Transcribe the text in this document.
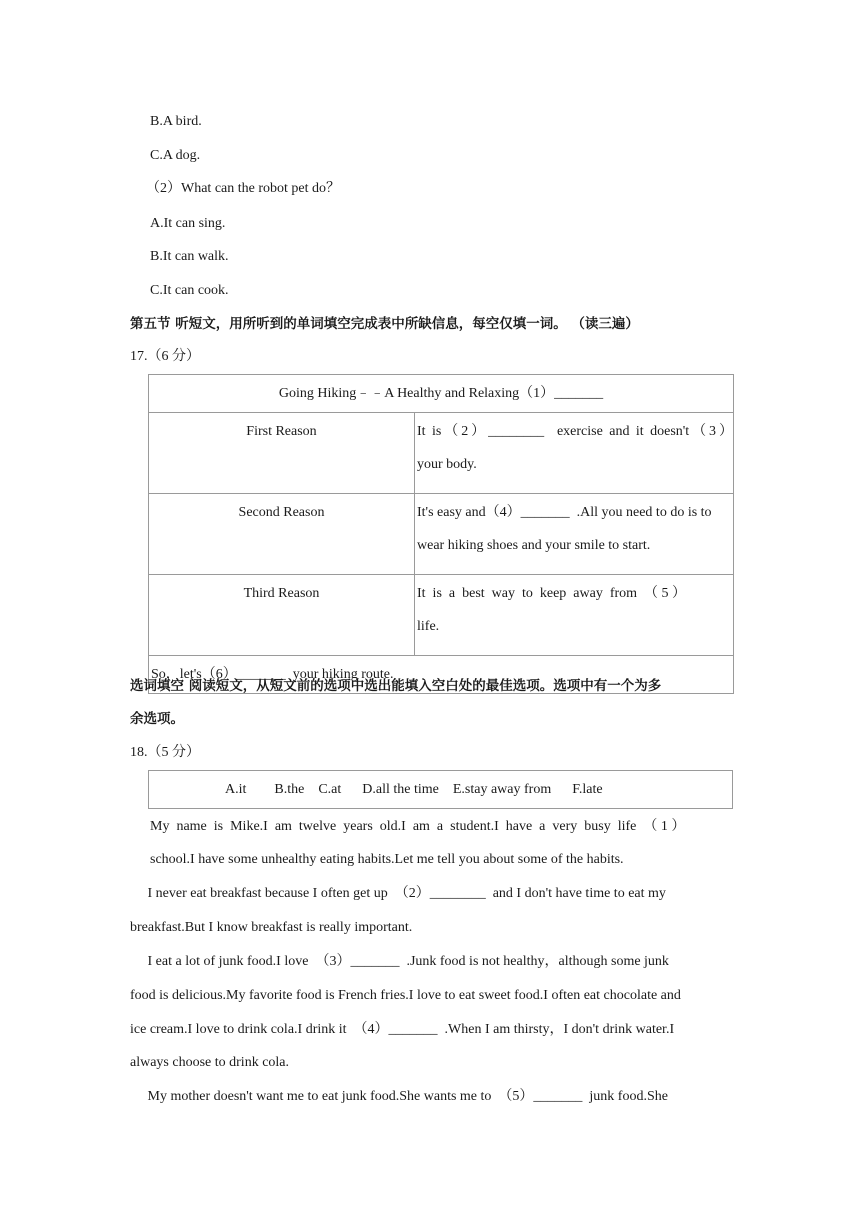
B.A bird.
C.A dog.
（2）What can the robot pet do？
A.It can sing.
B.It can walk.
C.It can cook.
第五节 听短文，用所听到的单词填空完成表中所缺信息，每空仅填一词。 （读三遍）
17.（6 分）
Going Hiking﹣﹣A Healthy and Relaxing（1）_______	
First Reason	It is（2）________  exercise and it doesn't（3）
your body.

Second Reason	It's easy and（4）_______  .All you need to do is to
wear hiking shoes and your smile to start.

Third Reason	It  is  a  best  way  to  keep  away  from  （ 5 ）
life.

So，let's（6）_______  your hiking route.	
选词填空 阅读短文，从短文前的选项中选出能填入空白处的最佳选项。选项中有一个为多
余选项。
18.（5 分）
A.it        B.the    C.at      D.all the time    E.stay away from      F.late
My  name  is  Mike.I  am  twelve  years  old.I  am  a  student.I  have  a  very  busy  life  （ 1 ）
school.I have some unhealthy eating habits.Let me tell you about some of the habits.
I never eat breakfast because I often get up  （2）________  and I don't have time to eat my
breakfast.But I know breakfast is really important.
I eat a lot of junk food.I love  （3）_______  .Junk food is not healthy，although some junk
food is delicious.My favorite food is French fries.I love to eat sweet food.I often eat chocolate and
ice cream.I love to drink cola.I drink it  （4）_______  .When I am thirsty，I don't drink water.I
always choose to drink cola.
My mother doesn't want me to eat junk food.She wants me to  （5）_______  junk food.She
